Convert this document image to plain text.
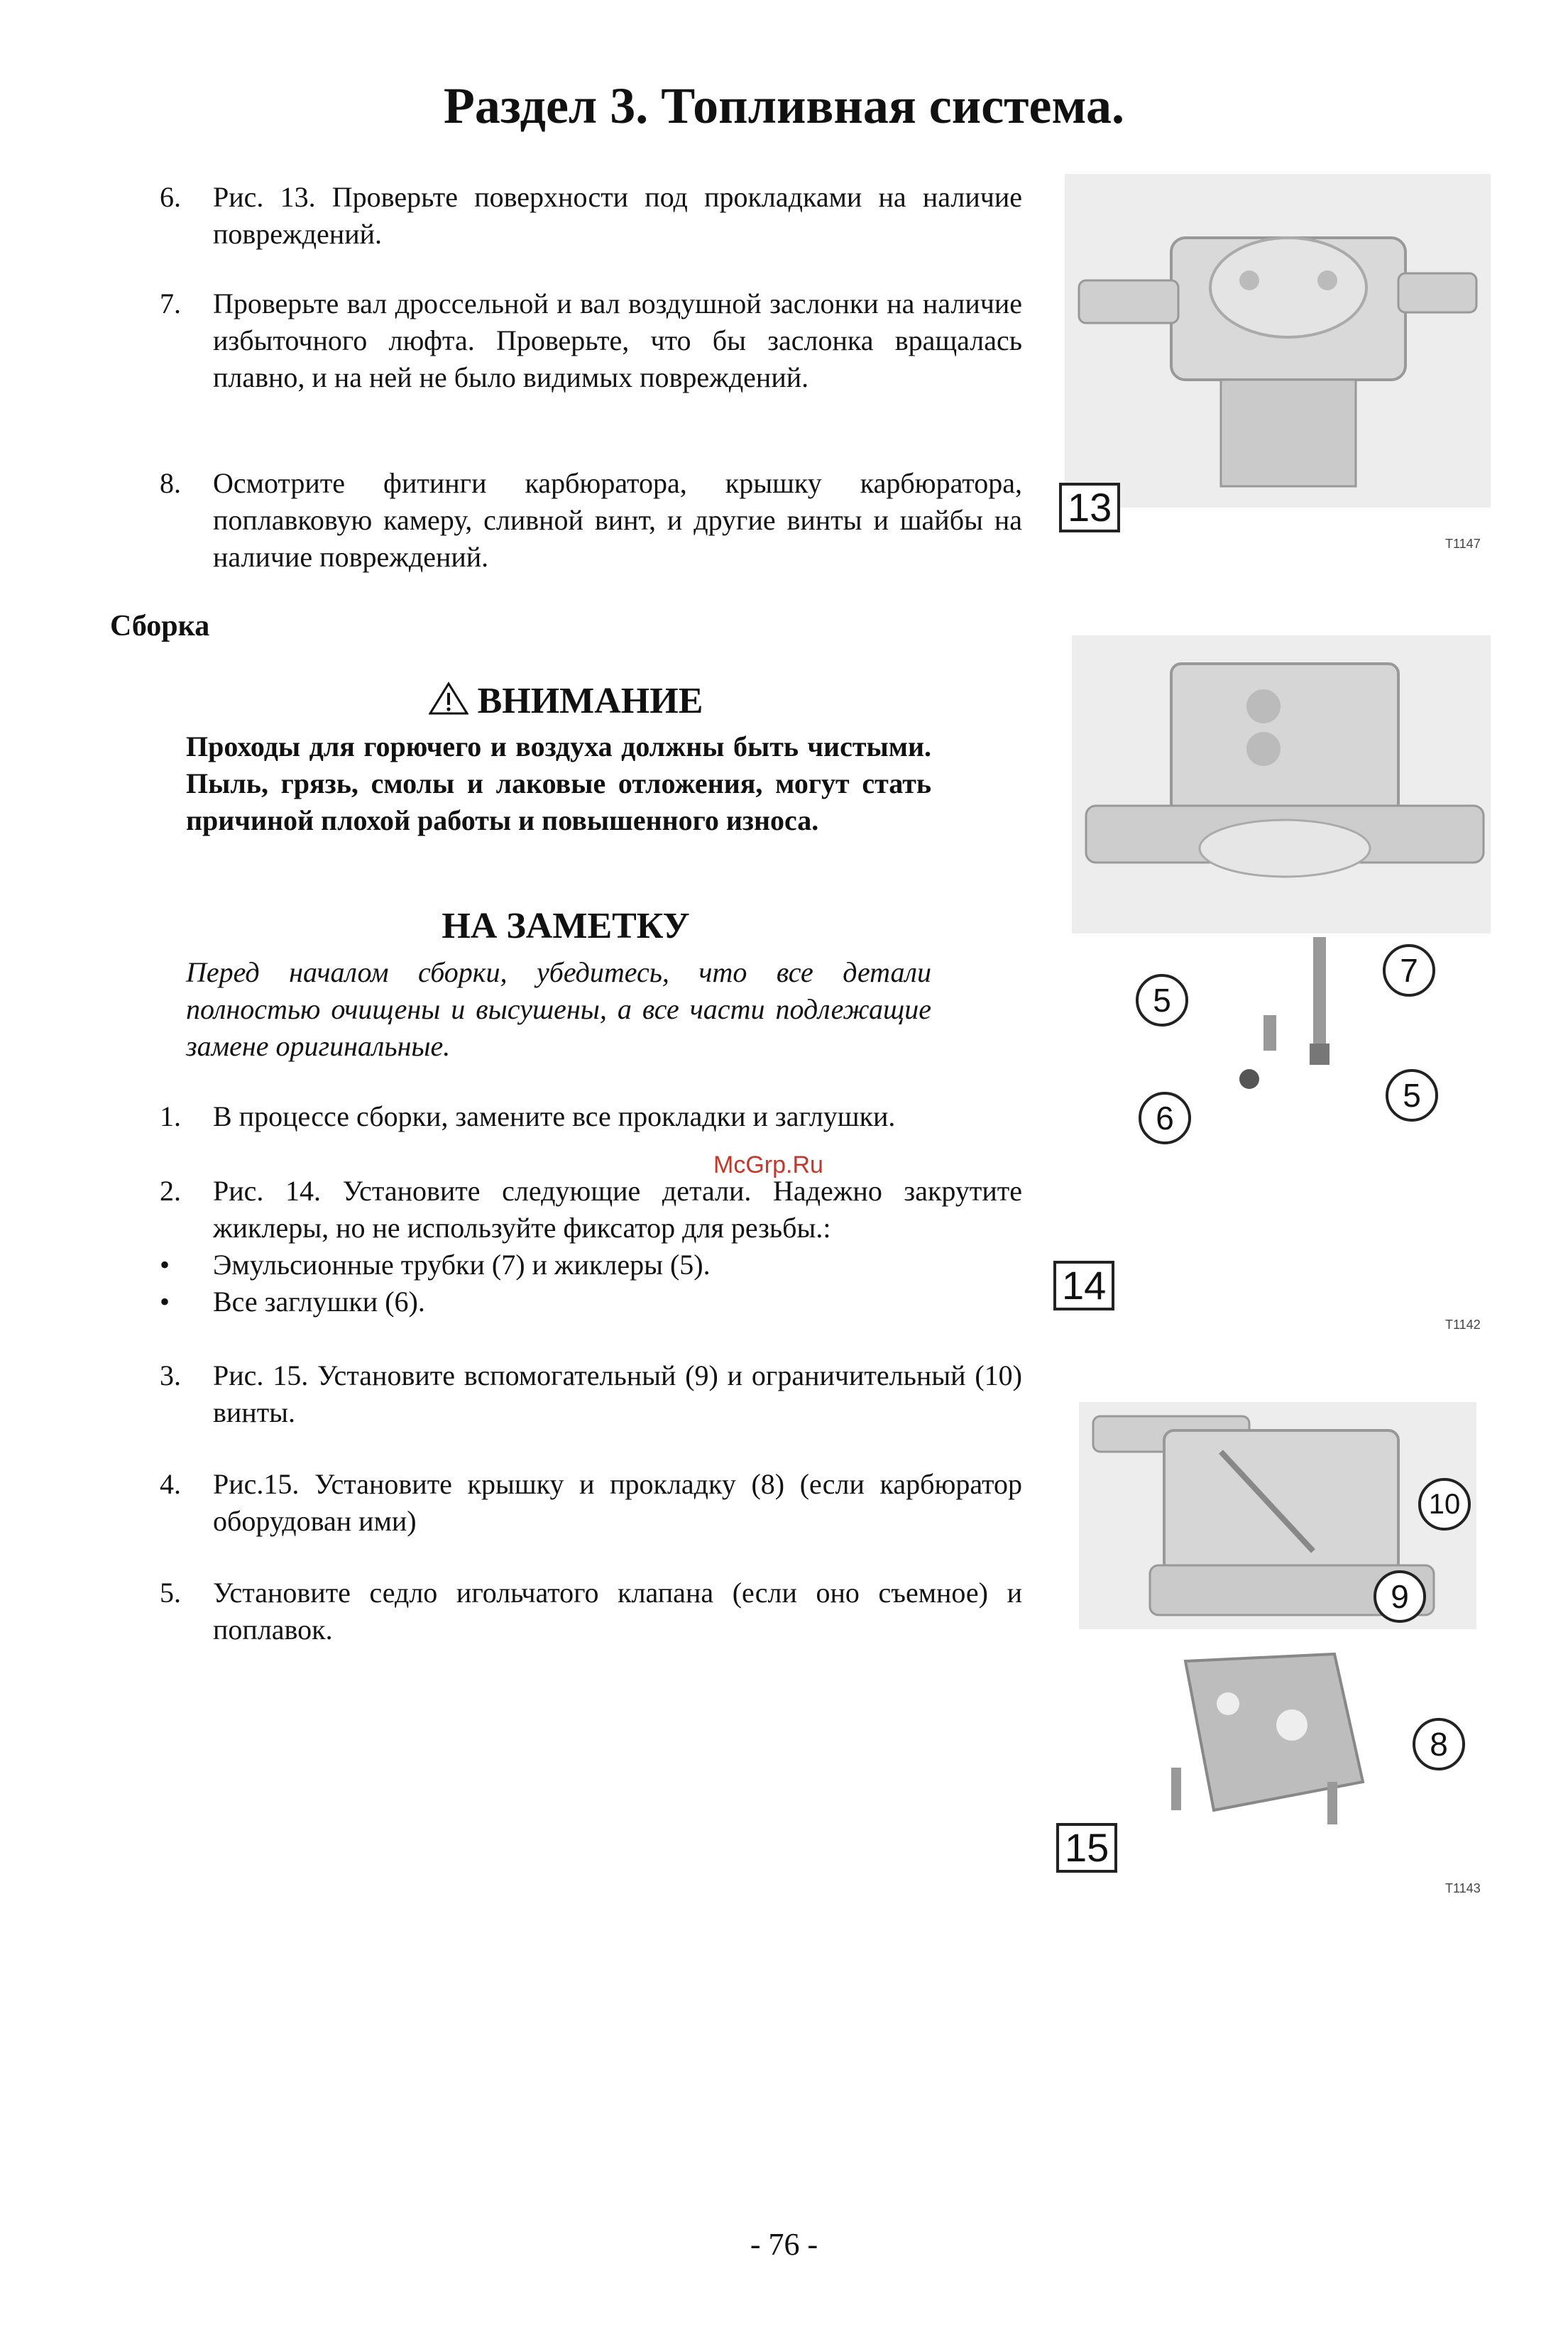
Раздел 3. Топливная система.
6. Рис. 13. Проверьте поверхности под прокладками на наличие повреждений.
7. Проверьте вал дроссельной и вал воздушной заслонки на наличие избыточного люфта. Проверьте, что бы заслонка вращалась плавно, и на ней не было видимых повреждений.
8. Осмотрите фитинги карбюратора, крышку карбюратора, поплавковую камеру, сливной винт, и другие винты и шайбы на наличие повреждений.
Сборка
ВНИМАНИЕ
Проходы для горючего и воздуха должны быть чистыми. Пыль, грязь, смолы и лаковые отложения, могут стать причиной плохой работы и повышенного износа.
НА ЗАМЕТКУ
Перед началом сборки, убедитесь, что все детали полностью очищены и высушены, а все части подлежащие замене оригинальные.
1. В процессе сборки, замените все прокладки и заглушки.
McGrp.Ru
2. Рис. 14. Установите следующие детали. Надежно закрутите жиклеры, но не используйте фиксатор для резьбы.:
• Эмульсионные трубки (7) и жиклеры (5).
• Все заглушки (6).
3. Рис. 15. Установите вспомогательный (9) и ограничительный (10) винты.
4. Рис.15. Установите крышку и прокладку (8) (если карбюратор оборудован ими)
5. Установите седло игольчатого клапана (если оно съемное) и поплавок.
13
T1147
5
7
6
5
14
T1142
10
9
8
15
T1143
- 76 -
